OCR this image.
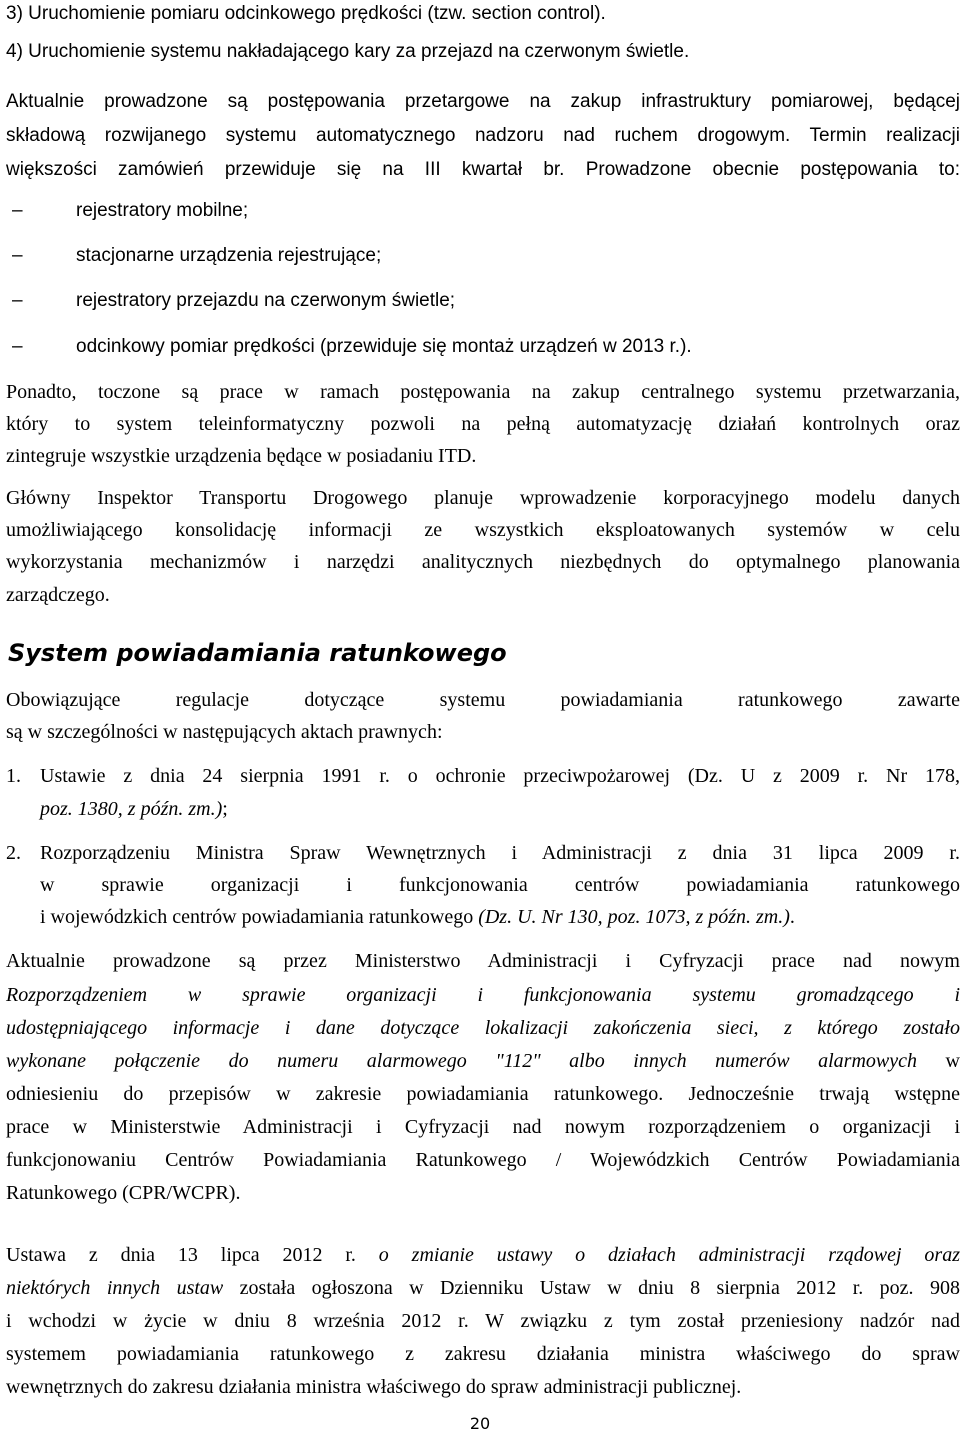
3) Uruchomienie pomiaru odcinkowego prędkości (tzw. section control).
4) Uruchomienie systemu nakładającego kary za przejazd na czerwonym świetle.
Aktualnie prowadzone są postępowania przetargowe na zakup infrastruktury pomiarowej, będącej
składową rozwijanego systemu automatycznego nadzoru nad ruchem drogowym. Termin realizacji
większości zamówień przewiduje się na III kwartał br. Prowadzone obecnie postępowania to:
–	rejestratory mobilne;
–	stacjonarne urządzenia rejestrujące;
–	rejestratory przejazdu na czerwonym świetle;
–	odcinkowy pomiar prędkości (przewiduje się montaż urządzeń w 2013 r.).
Ponadto, toczone są prace w ramach postępowania na zakup centralnego systemu przetwarzania,
który to system teleinformatyczny pozwoli na pełną automatyzację działań kontrolnych oraz
zintegruje wszystkie urządzenia będące w posiadaniu ITD.
Główny Inspektor Transportu Drogowego planuje wprowadzenie korporacyjnego modelu danych
umożliwiającego konsolidację informacji ze wszystkich eksploatowanych systemów w celu
wykorzystania mechanizmów i narzędzi analitycznych niezbędnych do optymalnego planowania
zarządczego.
System powiadamiania ratunkowego
Obowiązujące regulacje dotyczące systemu powiadamiania ratunkowego zawarte
są w szczególności w następujących aktach prawnych:
1. Ustawie z dnia 24 sierpnia 1991 r. o ochronie przeciwpożarowej (Dz. U z 2009 r. Nr 178,
poz. 1380, z późn. zm.);
2. Rozporządzeniu Ministra Spraw Wewnętrznych i Administracji z dnia 31 lipca 2009 r.
w sprawie organizacji i funkcjonowania centrów powiadamiania ratunkowego
i wojewódzkich centrów powiadamiania ratunkowego (Dz. U. Nr 130, poz. 1073, z późn. zm.).
Aktualnie prowadzone są przez Ministerstwo Administracji i Cyfryzacji prace nad nowym
Rozporządzeniem w sprawie organizacji i funkcjonowania systemu gromadzącego i
udostępniającego informacje i dane dotyczące lokalizacji zakończenia sieci, z którego zostało
wykonane połączenie do numeru alarmowego "112" albo innych numerów alarmowych w
odniesieniu do przepisów w zakresie powiadamiania ratunkowego. Jednocześnie trwają wstępne
prace w Ministerstwie Administracji i Cyfryzacji nad nowym rozporządzeniem o organizacji i
funkcjonowaniu Centrów Powiadamiania Ratunkowego / Wojewódzkich Centrów Powiadamiania
Ratunkowego (CPR/WCPR).
Ustawa z dnia 13 lipca 2012 r. o zmianie ustawy o działach administracji rządowej oraz
niektórych innych ustaw została ogłoszona w Dzienniku Ustaw w dniu 8 sierpnia 2012 r. poz. 908
i wchodzi w życie w dniu 8 września 2012 r. W związku z tym został przeniesiony nadzór nad
systemem powiadamiania ratunkowego z zakresu działania ministra właściwego do spraw
wewnętrznych do zakresu działania ministra właściwego do spraw administracji publicznej.
20
